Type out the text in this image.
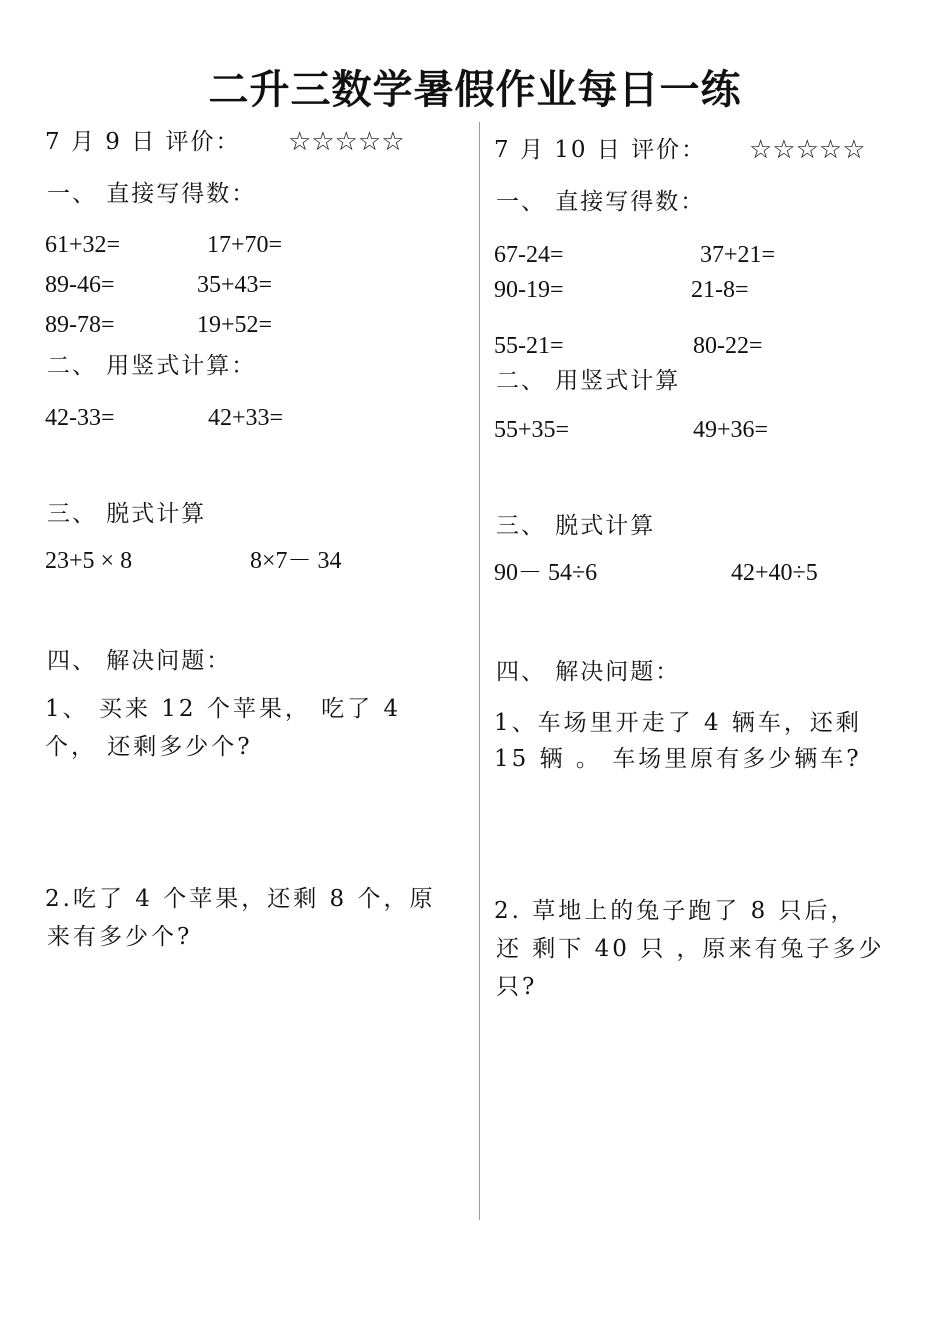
二升三数学暑假作业每日一练
7 月 9 日 评价： ☆☆☆☆☆
一、 直接写得数：
61+32=	17+70=
89-46=	35+43=
89-78=	19+52=
二、 用竖式计算：
42-33=	42+33=
三、 脱式计算
23+5 × 8	8×7－ 34
四、 解决问题：
1、 买来 12 个苹果， 吃了 4
个， 还剩多少个?
2.吃了 4 个苹果，还剩 8 个，原
来有多少个?
7 月 10 日 评价： ☆☆☆☆☆
一、 直接写得数：
67-24=	37+21=
90-19=	21-8=
55-21=	80-22=
二、 用竖式计算
55+35=	49+36=
三、 脱式计算
90－ 54÷6	42+40÷5
四、 解决问题：
1、车场里开走了 4 辆车，还剩
15 辆 。 车场里原有多少辆车?
2. 草地上的兔子跑了 8 只后，
还 剩下 40 只 ，原来有兔子多少
只?
